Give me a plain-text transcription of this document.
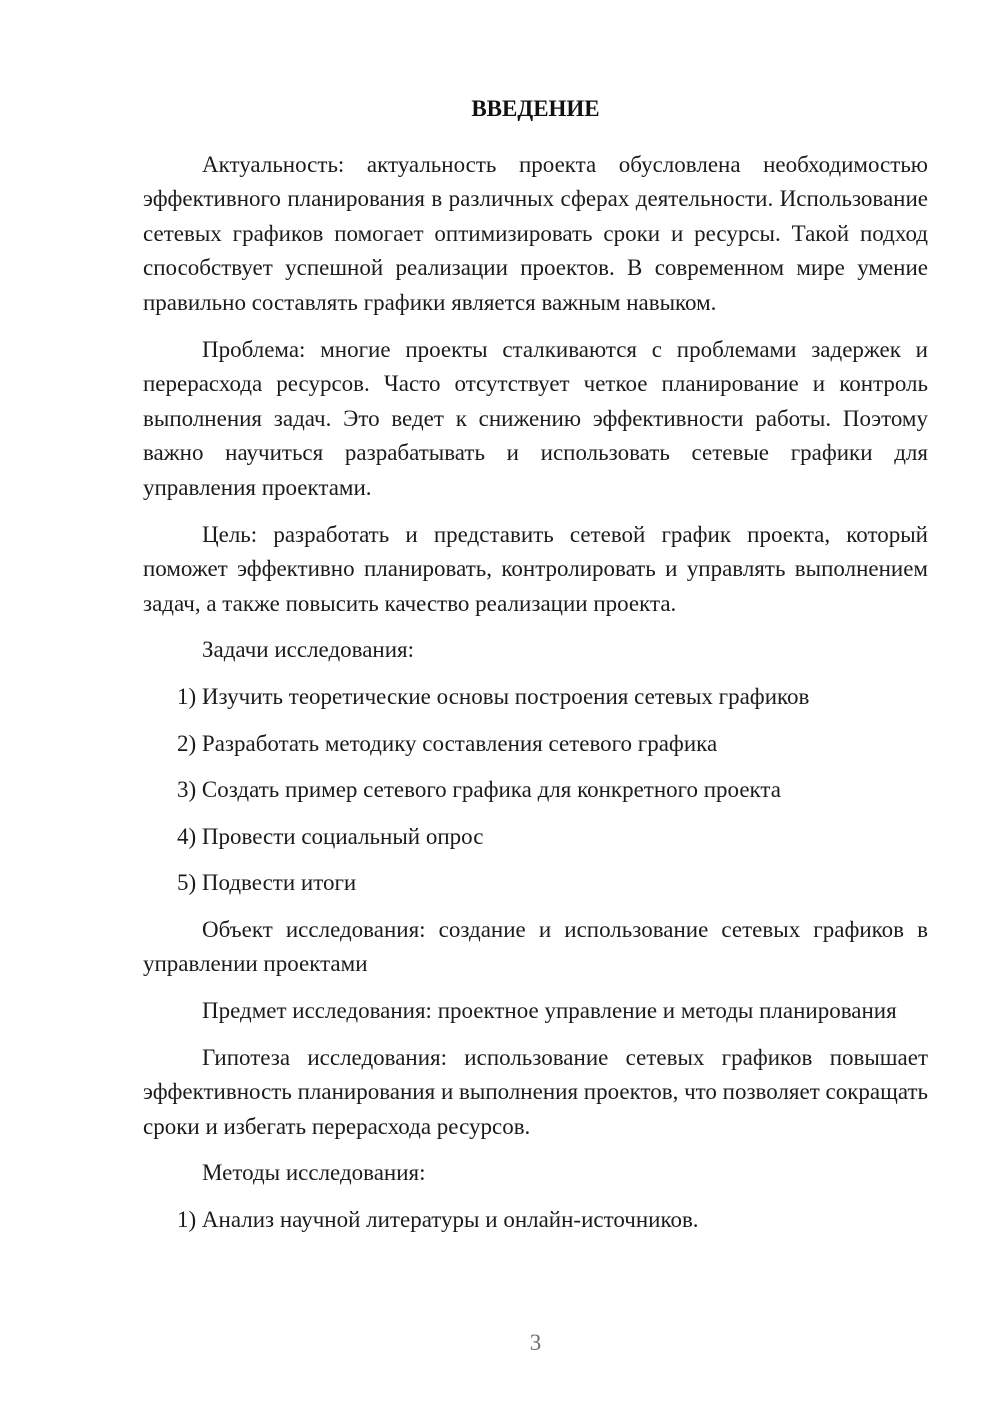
ВВЕДЕНИЕ

Актуальность: актуальность проекта обусловлена необходимостью эффективного планирования в различных сферах деятельности. Использование сетевых графиков помогает оптимизировать сроки и ресурсы. Такой подход способствует успешной реализации проектов. В современном мире умение правильно составлять графики является важным навыком.

Проблема: многие проекты сталкиваются с проблемами задержек и перерасхода ресурсов. Часто отсутствует четкое планирование и контроль выполнения задач. Это ведет к снижению эффективности работы. Поэтому важно научиться разрабатывать и использовать сетевые графики для управления проектами.

Цель: разработать и представить сетевой график проекта, который поможет эффективно планировать, контролировать и управлять выполнением задач, а также повысить качество реализации проекта.

Задачи исследования:

1) Изучить теоретические основы построения сетевых графиков

2) Разработать методику составления сетевого графика

3) Создать пример сетевого графика для конкретного проекта

4) Провести социальный опрос

5) Подвести итоги

Объект исследования: создание и использование сетевых графиков в управлении проектами

Предмет исследования: проектное управление и методы планирования

Гипотеза исследования: использование сетевых графиков повышает эффективность планирования и выполнения проектов, что позволяет сокращать сроки и избегать перерасхода ресурсов.

Методы исследования:

1) Анализ научной литературы и онлайн-источников.

3
